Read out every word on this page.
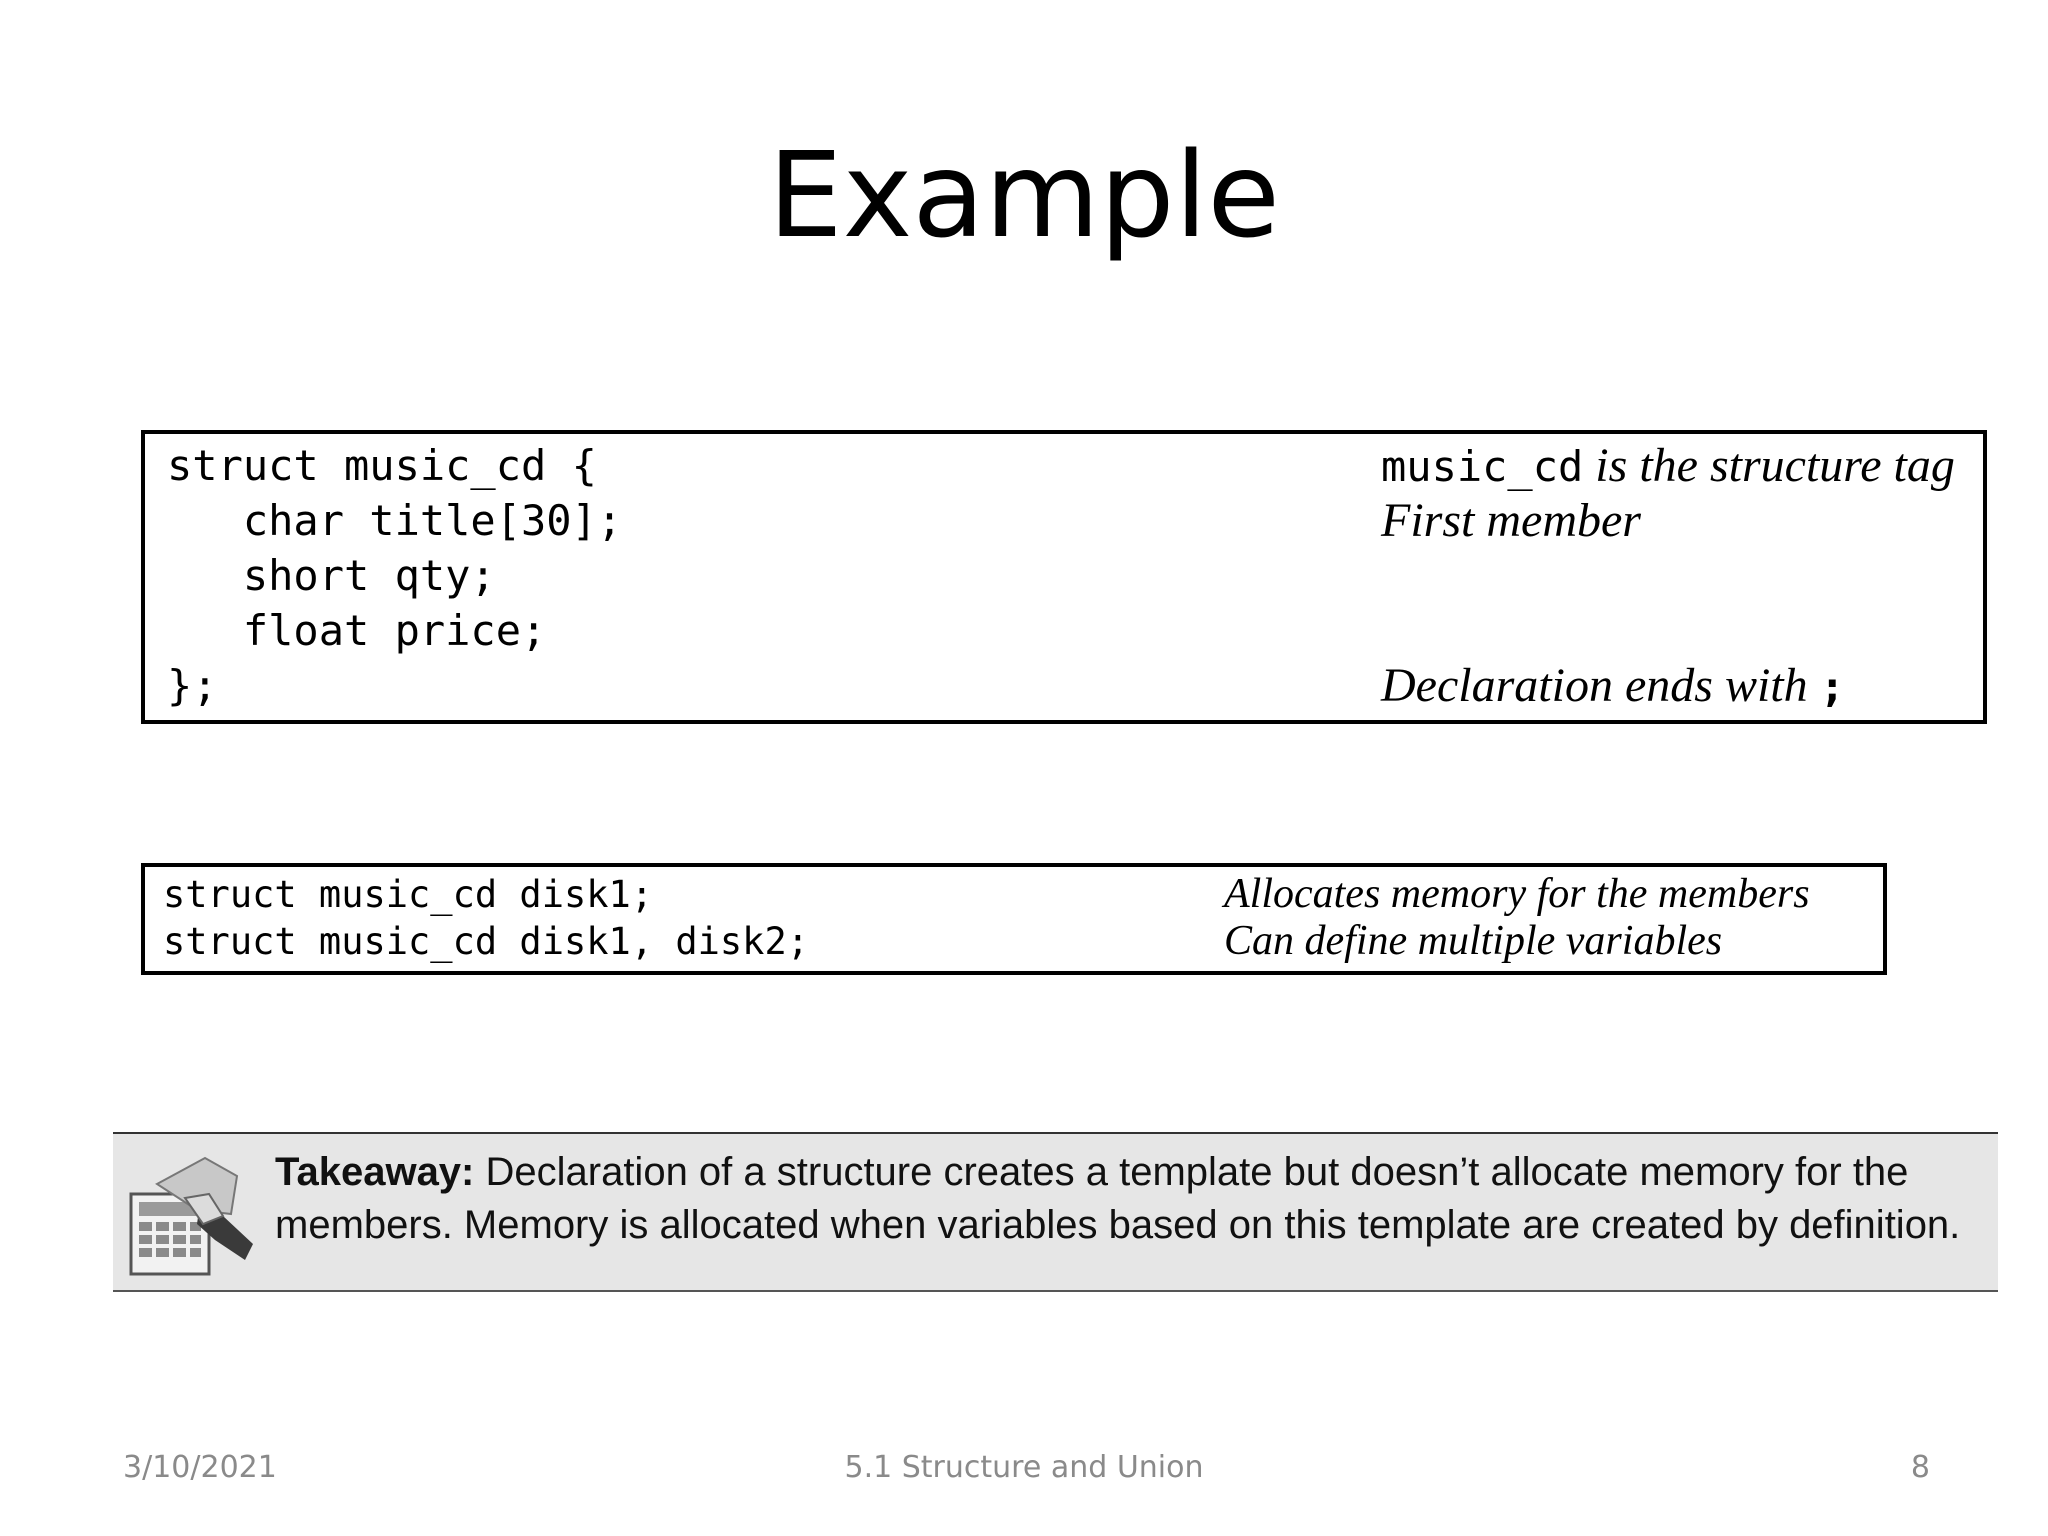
Example
struct music_cd {
char title[30];
short qty;
float price;
};
music_cd is the structure tag
First member
Declaration ends with ;
struct music_cd disk1;
struct music_cd disk1, disk2;
Allocates memory for the members
Can define multiple variables
Takeaway: Declaration of a structure creates a template but doesn’t allocate memory for the members. Memory is allocated when variables based on this template are created by definition.
3/10/2021	5.1 Structure and Union	8
